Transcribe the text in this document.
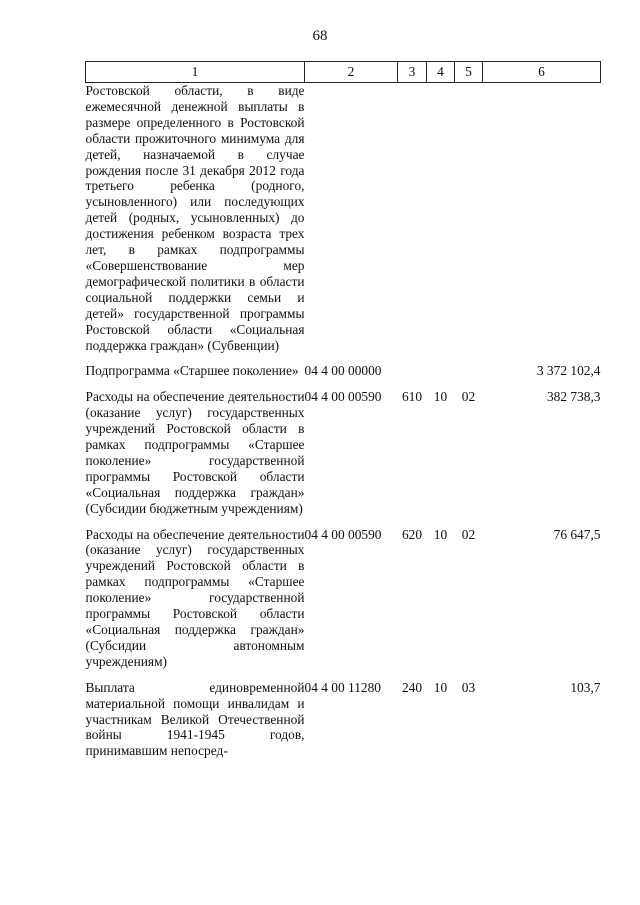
68
1	2	3	4	5	6
Ростовской области, в виде ежемесячной денежной выплаты в размере определенного в Ростовской области прожиточного минимума для детей, назначаемой в случае рождения после 31 декабря 2012 года третьего ребенка (родного, усыновленного) или последующих детей (родных, усыновленных) до достижения ребенком возраста трех лет, в рамках подпрограммы «Совершенствование мер демографической политики в области социальной поддержки семьи и детей» государственной программы Ростовской области «Социальная поддержка граждан» (Субвенции)					

Подпрограмма «Старшее поколение»	04 4 00 00000				3 372 102,4

Расходы на обеспечение деятельности (оказание услуг) государственных учреждений Ростовской области в рамках подпрограммы «Старшее поколение» государственной программы Ростовской области «Социальная поддержка граждан» (Субсидии бюджетным учреждениям)	04 4 00 00590	610	10	02	382 738,3

Расходы на обеспечение деятельности (оказание услуг) государственных учреждений Ростовской области в рамках подпрограммы «Старшее поколение» государственной программы Ростовской области «Социальная поддержка граждан» (Субсидии автономным учреждениям)	04 4 00 00590	620	10	02	76 647,5

Выплата единовременной материальной помощи инвалидам и участникам Великой Отечественной войны 1941-1945 годов, принимавшим непосред-	04 4 00 11280	240	10	03	103,7
